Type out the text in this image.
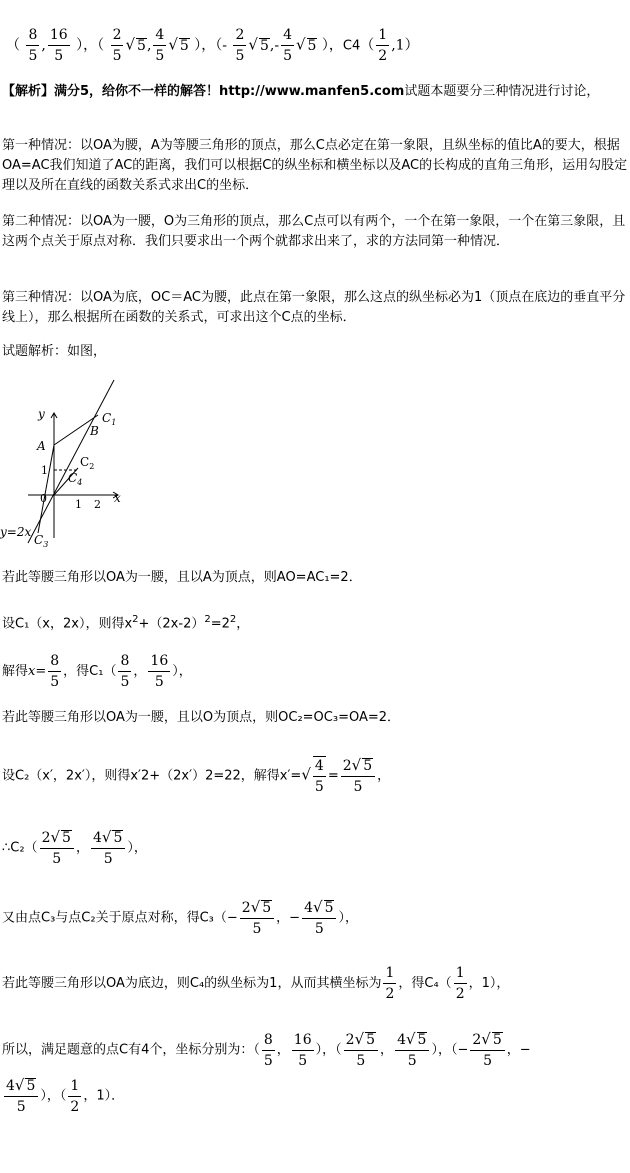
（ $\frac{8}{5}$ , $\frac{16}{5}$ ），（ $\frac{2}{5}$ √ 5, $\frac{4}{5}$ √ 5 ），（- $\frac{2}{5}$ √ $5,- \frac{4}{5}$ √ 5 ），$C4( \frac{1}{2} ,1)$
【解析】满分5，给你不一样的解答！http://www.manfen5.com试题本题要分三种情况进行讨论，
第一种情况：以OA为腰，A为等腰三角形的顶点，那么C点必定在第一象限，且纵坐标的值比A的要大，根据OA=AC我们知道了AC的距离，我们可以根据C的纵坐标和横坐标以及AC的长构成的直角三角形，运用勾股定理以及所在直线的函数关系式求出C的坐标．
第二种情况：以OA为一腰，O为三角形的顶点，那么C点可以有两个，一个在第一象限，一个在第三象限，且这两个点关于原点对称．我们只要求出一个两个就都求出来了，求的方法同第一种情况．
第三种情况：以OA为底，OC＝AC为腰，此点在第一象限，那么这点的纵坐标必为1（顶点在底边的垂直平分线上），那么根据所在函数的关系式，可求出这个C点的坐标．
试题解析：如图，
y
x
A
B
$C_1$
$C_2$
$C_4$
$C_3$
y=2x
1
0	1 2
若此等腰三角形以OA为一腰，且以A为顶点，则AO=AC₁=2．
设C₁（x，2x），则得$x^2+(2x-2)^2=2^2$，
解得$x= \frac{8}{5}$ ，得$C_1( \frac{8}{5}$ ， $\frac{16}{5}$ ），
若此等腰三角形以OA为一腰，且以O为顶点，则OC₂=OC₃=OA=2．
设C₂（x′，2x′），则得x′2+（2x′）2=22，解得$x'=√ \frac{4}{5} = \frac{2√ 5}{5}$ ，
∴C₂（ $\frac{2√ 5}{5}$ ， $\frac{4√ 5}{5}$ ），
又由点C₃与点C₂关于原点对称，得$C_3(- \frac{2√ 5}{5}$ ，− $\frac{4√ 5}{5}$ ），
若此等腰三角形以OA为底边，则C₄的纵坐标为1，从而其横坐标为 $\frac{1}{2}$ ，得$C_4( \frac{1}{2}$ ，1），
所以，满足题意的点C有4个，坐标分别为：（ $\frac{8}{5}$ ， $\frac{16}{5}$ ），（ $\frac{2√ 5}{5}$ ， $\frac{4√ 5}{5}$ ），（− $\frac{2√ 5}{5}$ ，−
$\frac{4√ 5}{5}$ ），（ $\frac{1}{2}$ ，1）．
